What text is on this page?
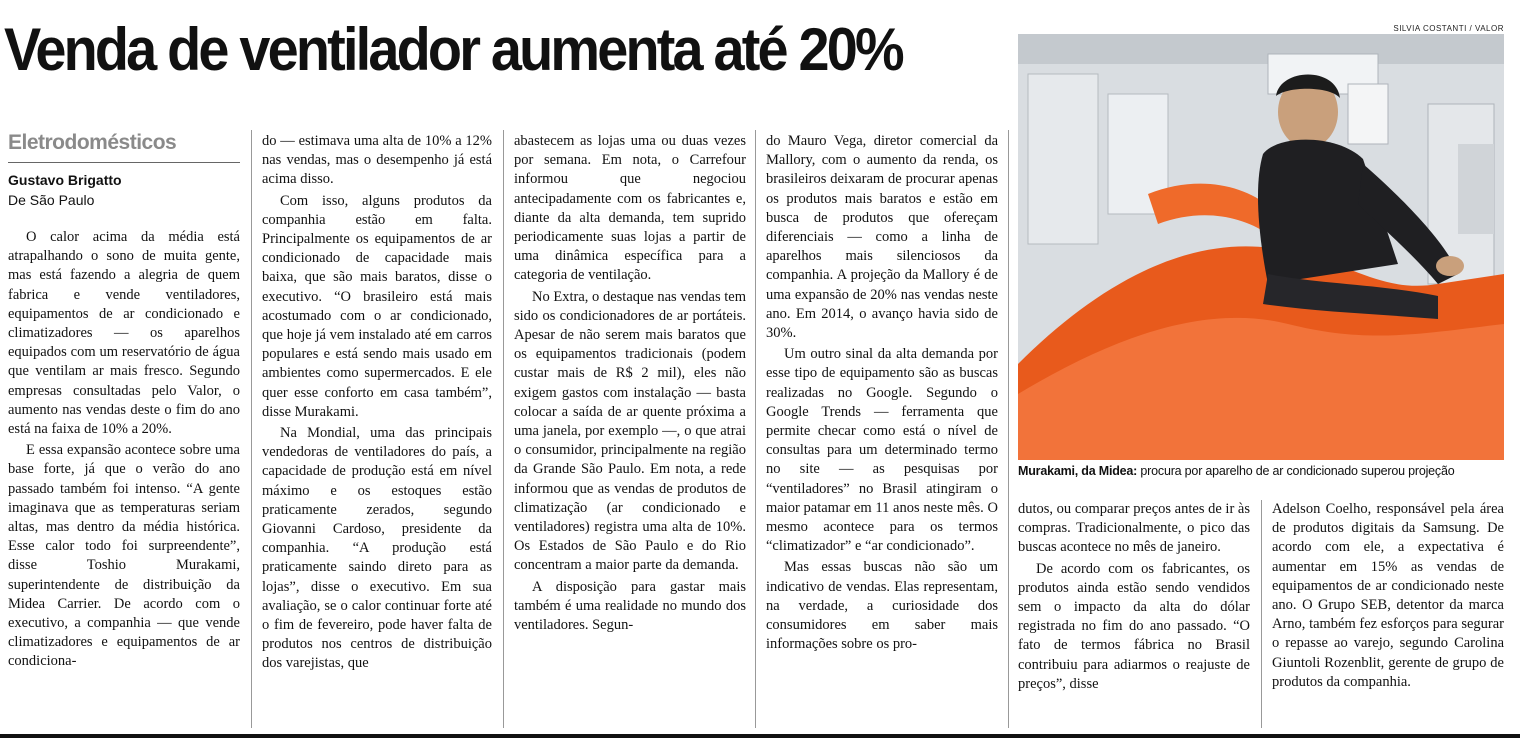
Venda de ventilador aumenta até 20%	SILVIA COSTANTI / VALOR
Murakami, da Midea: procura por aparelho de ar condicionado superou projeção
Eletrodomésticos
Gustavo Brigatto
De São Paulo

O calor acima da média está atrapalhando o sono de muita gente, mas está fazendo a alegria de quem fabrica e vende ventiladores, equipamentos de ar condicionado e climatizadores — os aparelhos equipados com um reservatório de água que ventilam ar mais fresco. Segundo empresas consultadas pelo Valor, o aumento nas vendas deste o fim do ano está na faixa de 10% a 20%.

E essa expansão acontece sobre uma base forte, já que o verão do ano passado também foi intenso. “A gente imaginava que as temperaturas seriam altas, mas dentro da média histórica. Esse calor todo foi surpreendente”, disse Toshio Murakami, superintendente de distribuição da Midea Carrier. De acordo com o executivo, a companhia — que vende climatizadores e equipamentos de ar condiciona-

do — estimava uma alta de 10% a 12% nas vendas, mas o desempenho já está acima disso.

Com isso, alguns produtos da companhia estão em falta. Principalmente os equipamentos de ar condicionado de capacidade mais baixa, que são mais baratos, disse o executivo. “O brasileiro está mais acostumado com o ar condicionado, que hoje já vem instalado até em carros populares e está sendo mais usado em ambientes como supermercados. E ele quer esse conforto em casa também”, disse Murakami.

Na Mondial, uma das principais vendedoras de ventiladores do país, a capacidade de produção está em nível máximo e os estoques estão praticamente zerados, segundo Giovanni Cardoso, presidente da companhia. “A produção está praticamente saindo direto para as lojas”, disse o executivo. Em sua avaliação, se o calor continuar forte até o fim de fevereiro, pode haver falta de produtos nos centros de distribuição dos varejistas, que

abastecem as lojas uma ou duas vezes por semana. Em nota, o Carrefour informou que negociou antecipadamente com os fabricantes e, diante da alta demanda, tem suprido periodicamente suas lojas a partir de uma dinâmica específica para a categoria de ventilação.

No Extra, o destaque nas vendas tem sido os condicionadores de ar portáteis. Apesar de não serem mais baratos que os equipamentos tradicionais (podem custar mais de R$ 2 mil), eles não exigem gastos com instalação — basta colocar a saída de ar quente próxima a uma janela, por exemplo —, o que atrai o consumidor, principalmente na região da Grande São Paulo. Em nota, a rede informou que as vendas de produtos de climatização (ar condicionado e ventiladores) registra uma alta de 10%. Os Estados de São Paulo e do Rio concentram a maior parte da demanda.

A disposição para gastar mais também é uma realidade no mundo dos ventiladores. Segun-

do Mauro Vega, diretor comercial da Mallory, com o aumento da renda, os brasileiros deixaram de procurar apenas os produtos mais baratos e estão em busca de produtos que ofereçam diferenciais — como a linha de aparelhos mais silenciosos da companhia. A projeção da Mallory é de uma expansão de 20% nas vendas neste ano. Em 2014, o avanço havia sido de 30%.

Um outro sinal da alta demanda por esse tipo de equipamento são as buscas realizadas no Google. Segundo o Google Trends — ferramenta que permite checar como está o nível de consultas para um determinado termo no site — as pesquisas por “ventiladores” no Brasil atingiram o maior patamar em 11 anos neste mês. O mesmo acontece para os termos “climatizador” e “ar condicionado”.

Mas essas buscas não são um indicativo de vendas. Elas representam, na verdade, a curiosidade dos consumidores em saber mais informações sobre os pro-

dutos, ou comparar preços antes de ir às compras. Tradicionalmente, o pico das buscas acontece no mês de janeiro.

De acordo com os fabricantes, os produtos ainda estão sendo vendidos sem o impacto da alta do dólar registrada no fim do ano passado. “O fato de termos fábrica no Brasil contribuiu para adiarmos o reajuste de preços”, disse

Adelson Coelho, responsável pela área de produtos digitais da Samsung. De acordo com ele, a expectativa é aumentar em 15% as vendas de equipamentos de ar condicionado neste ano. O Grupo SEB, detentor da marca Arno, também fez esforços para segurar o repasse ao varejo, segundo Carolina Giuntoli Rozenblit, gerente de grupo de produtos da companhia.
